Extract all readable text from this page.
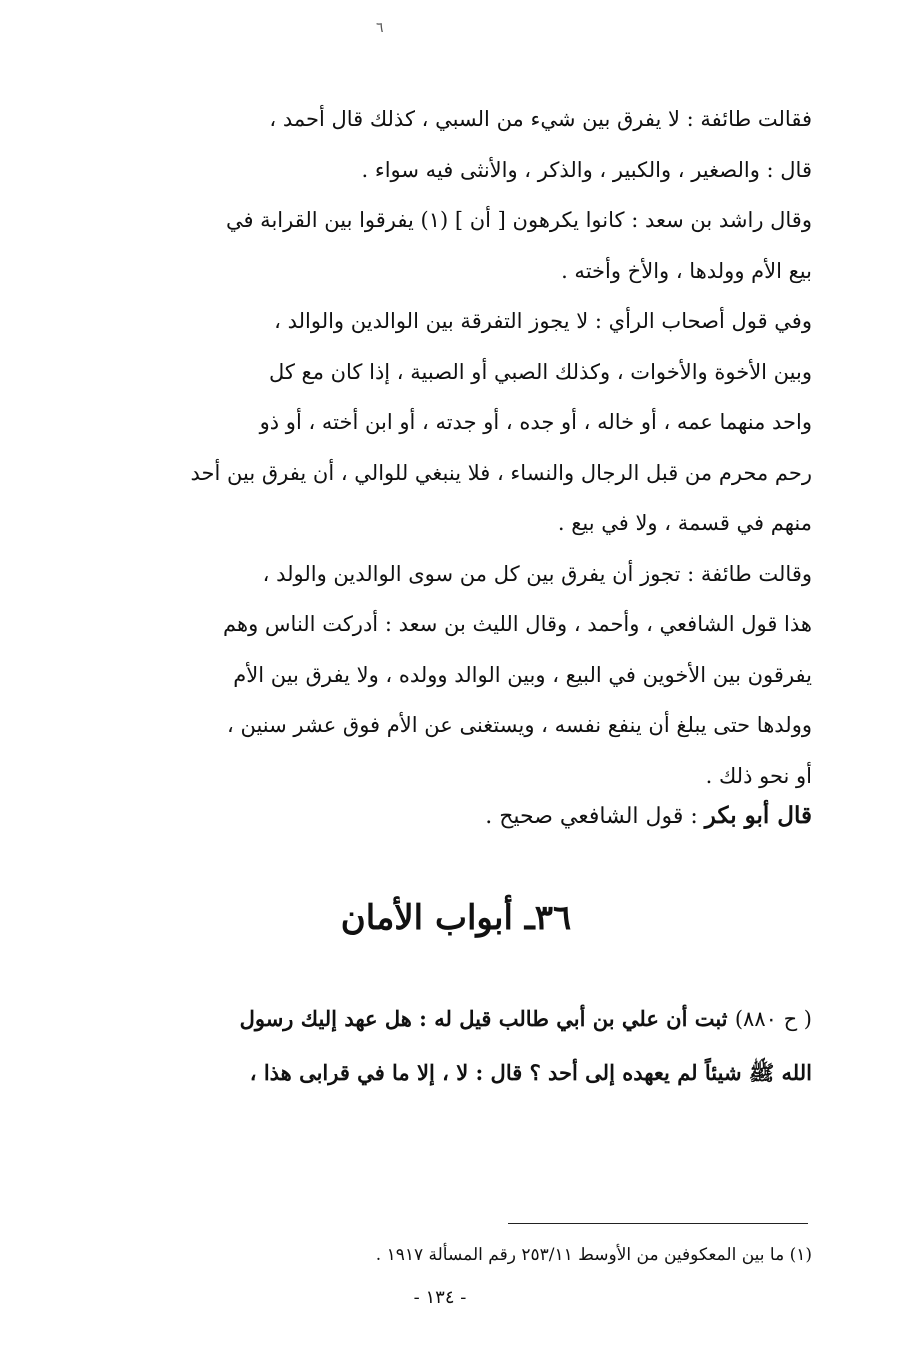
٦
فقالت طائفة : لا يفرق بين شيء من السبي ، كذلك قال أحمد ،
قال : والصغير ، والكبير ، والذكر ، والأنثى فيه سواء .
وقال راشد بن سعد : كانوا يكرهون [ أن ] (١) يفرقوا بين القرابة في
بيع الأم وولدها ، والأخ وأخته .
وفي قول أصحاب الرأي : لا يجوز التفرقة بين الوالدين والوالد ،
وبين الأخوة والأخوات ، وكذلك الصبي أو الصبية ، إذا كان مع كل
واحد منهما عمه ، أو خاله ، أو جده ، أو جدته ، أو ابن أخته ، أو ذو
رحم محرم من قبل الرجال والنساء ، فلا ينبغي للوالي ، أن يفرق بين أحد
منهم في قسمة ، ولا في بيع .
وقالت طائفة : تجوز أن يفرق بين كل من سوى الوالدين والولد ،
هذا قول الشافعي ، وأحمد ، وقال الليث بن سعد : أدركت الناس وهم
يفرقون بين الأخوين في البيع ، وبين الوالد وولده ، ولا يفرق بين الأم
وولدها حتى يبلغ أن ينفع نفسه ، ويستغنى عن الأم فوق عشر سنين ،
أو نحو ذلك .
قال أبو بكر : قول الشافعي صحيح .
٣٦ـ أبواب الأمان
( ح ٨٨٠) ثبت أن علي بن أبي طالب قيل له : هل عهد إليك رسول
الله ﷺ شيئاً لم يعهده إلى أحد ؟ قال : لا ، إلا ما في قرابى هذا ،
(١) ما بين المعكوفين من الأوسط ٢٥٣/١١ رقم المسألة ١٩١٧ .
- ١٣٤ -
